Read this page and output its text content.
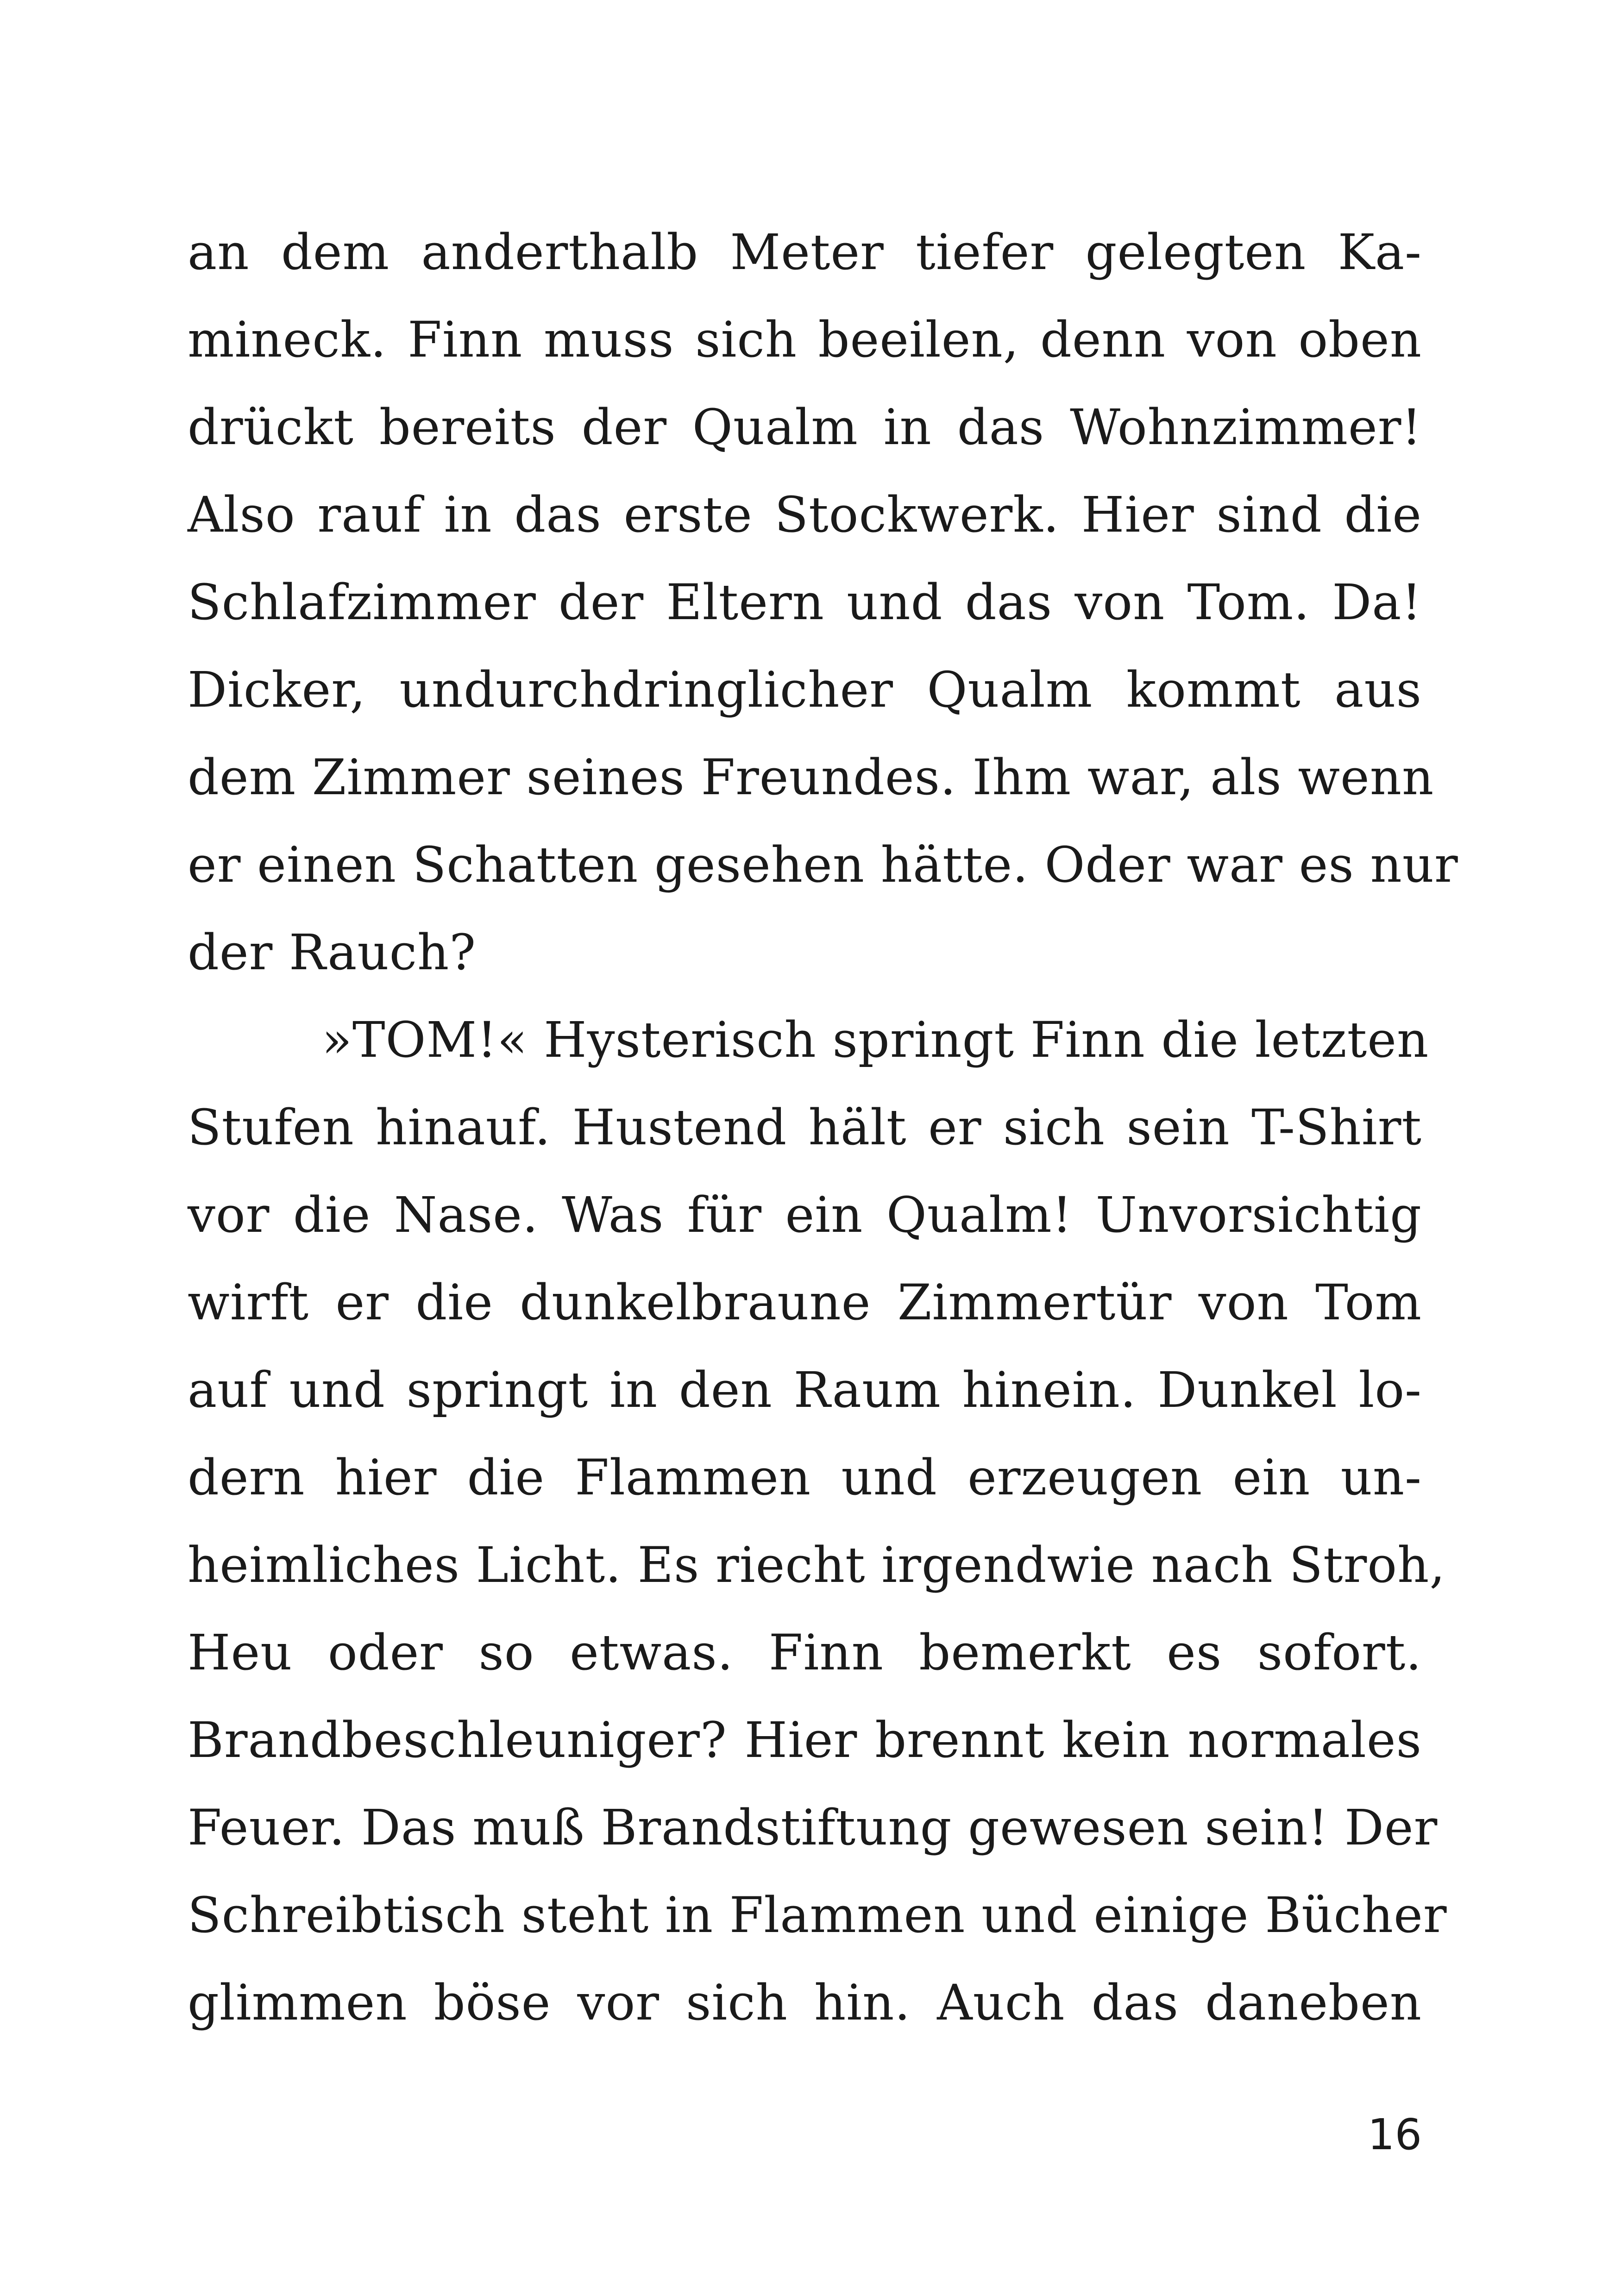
an dem anderthalb Meter tiefer gelegten Ka-
mineck. Finn muss sich beeilen, denn von oben
drückt bereits der Qualm in das Wohnzimmer!
Also rauf in das erste Stockwerk. Hier sind die
Schlafzimmer der Eltern und das von Tom. Da!
Dicker, undurchdringlicher Qualm kommt aus
dem Zimmer seines Freundes. Ihm war, als wenn
er einen Schatten gesehen hätte. Oder war es nur
der Rauch?
»TOM!« Hysterisch springt Finn die letzten
Stufen hinauf. Hustend hält er sich sein T-Shirt
vor die Nase. Was für ein Qualm! Unvorsichtig
wirft er die dunkelbraune Zimmertür von Tom
auf und springt in den Raum hinein. Dunkel lo-
dern hier die Flammen und erzeugen ein un-
heimliches Licht. Es riecht irgendwie nach Stroh,
Heu oder so etwas. Finn bemerkt es sofort.
Brandbeschleuniger? Hier brennt kein normales
Feuer. Das muß Brandstiftung gewesen sein! Der
Schreibtisch steht in Flammen und einige Bücher
glimmen böse vor sich hin. Auch das daneben
16
